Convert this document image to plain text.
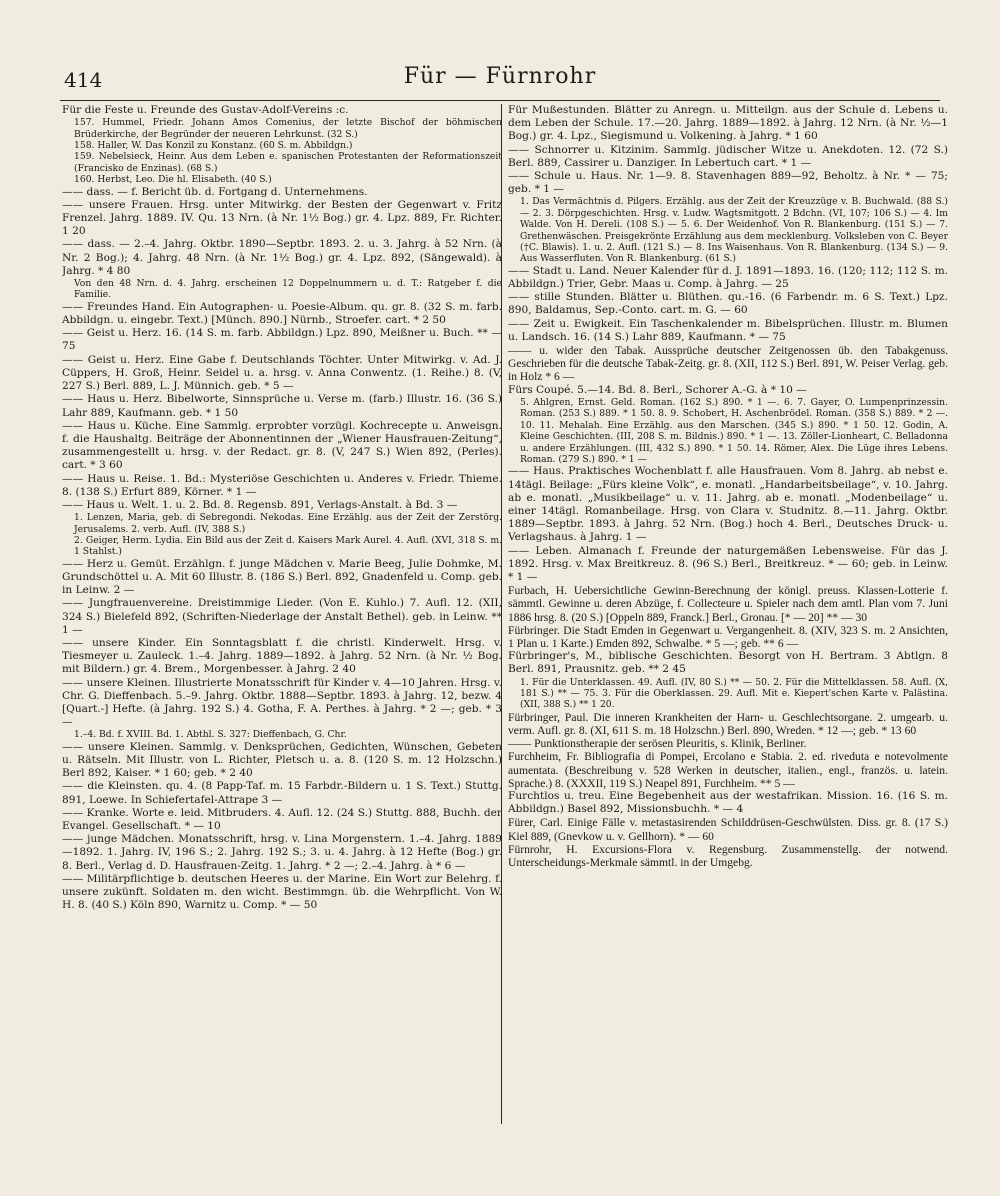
414	Für — Fürnrohr

Für die Feste u. Freunde des Gustav-Adolf-Vereins :c.

157. Hummel, Friedr. Johann Amos Comenius, der letzte Bischof der böhmischen Brüderkirche, der Begründer der neueren Lehrkunst. (32 S.)

158. Haller, W. Das Konzil zu Konstanz. (60 S. m. Abbildgn.)

159. Nebelsieck, Heinr. Aus dem Leben e. spanischen Protestanten der Reformationszeit (Francisko de Enzinas). (68 S.)

160. Herbst, Leo. Die hl. Elisabeth. (40 S.)

—— dass. — f. Bericht üb. d. Fortgang d. Unternehmens.

—— unsere Frauen. Hrsg. unter Mitwirkg. der Besten der Gegenwart v. Fritz Frenzel. Jahrg. 1889. IV. Qu. 13 Nrn. (à Nr. 1½ Bog.) gr. 4. Lpz. 889, Fr. Richter. 1 20

—— dass. — 2.–4. Jahrg. Oktbr. 1890—Septbr. 1893. 2. u. 3. Jahrg. à 52 Nrn. (à Nr. 2 Bog.); 4. Jahrg. 48 Nrn. (à Nr. 1½ Bog.) gr. 4. Lpz. 892, (Sängewald). à Jahrg. * 4 80

Von den 48 Nrn. d. 4. Jahrg. erscheinen 12 Doppelnummern u. d. T.: Ratgeber f. die Familie.

—— Freundes Hand. Ein Autographen- u. Poesie-Album. qu. gr. 8. (32 S. m. farb. Abbildgn. u. eingebr. Text.) [Münch. 890.] Nürnb., Stroefer. cart. * 2 50

—— Geist u. Herz. 16. (14 S. m. farb. Abbildgn.) Lpz. 890, Meißner u. Buch. ** — 75

—— Geist u. Herz. Eine Gabe f. Deutschlands Töchter. Unter Mitwirkg. v. Ad. J. Cüppers, H. Groß, Heinr. Seidel u. a. hrsg. v. Anna Conwentz. (1. Reihe.) 8. (V, 227 S.) Berl. 889, L. J. Münnich. geb. * 5 —

—— Haus u. Herz. Bibelworte, Sinnsprüche u. Verse m. (farb.) Illustr. 16. (36 S.) Lahr 889, Kaufmann. geb. * 1 50

—— Haus u. Küche. Eine Sammlg. erprobter vorzügl. Kochrecepte u. Anweisgn. f. die Haushaltg. Beiträge der Abonnentinnen der „Wiener Hausfrauen-Zeitung“, zusammengestellt u. hrsg. v. der Redact. gr. 8. (V, 247 S.) Wien 892, (Perles). cart. * 3 60

—— Haus u. Reise. 1. Bd.: Mysteriöse Geschichten u. Anderes v. Friedr. Thieme. 8. (138 S.) Erfurt 889, Körner. * 1 —

—— Haus u. Welt. 1. u. 2. Bd. 8. Regensb. 891, Verlags-Anstalt. à Bd. 3 —

1. Lenzen, Maria, geb. di Sebregondi. Nekodas. Eine Erzählg. aus der Zeit der Zerstörg. Jerusalems. 2. verb. Aufl. (IV, 388 S.)

2. Geiger, Herm. Lydia. Ein Bild aus der Zeit d. Kaisers Mark Aurel. 4. Aufl. (XVI, 318 S. m. 1 Stahlst.)

—— Herz u. Gemüt. Erzählgn. f. junge Mädchen v. Marie Beeg, Julie Dohmke, M. Grundschöttel u. A. Mit 60 Illustr. 8. (186 S.) Berl. 892, Gnadenfeld u. Comp. geb. in Leinw. 2 —

—— Jungfrauenvereine. Dreistimmige Lieder. (Von E. Kuhlo.) 7. Aufl. 12. (XII, 324 S.) Bielefeld 892, (Schriften-Niederlage der Anstalt Bethel). geb. in Leinw. ** 1 —

—— unsere Kinder. Ein Sonntagsblatt f. die christl. Kinderwelt. Hrsg. v. Tiesmeyer u. Zauleck. 1.–4. Jahrg. 1889—1892. à Jahrg. 52 Nrn. (à Nr. ½ Bog. mit Bildern.) gr. 4. Brem., Morgenbesser. à Jahrg. 2 40

—— unsere Kleinen. Illustrierte Monatsschrift für Kinder v. 4—10 Jahren. Hrsg. v. Chr. G. Dieffenbach. 5.–9. Jahrg. Oktbr. 1888—Septbr. 1893. à Jahrg. 12, bezw. 4 [Quart.-] Hefte. (à Jahrg. 192 S.) 4. Gotha, F. A. Perthes. à Jahrg. * 2 —; geb. * 3 —

1.–4. Bd. f. XVIII. Bd. 1. Abthl. S. 327: Dieffenbach, G. Chr.

—— unsere Kleinen. Sammlg. v. Denksprüchen, Gedichten, Wünschen, Gebeten u. Rätseln. Mit Illustr. von L. Richter, Pletsch u. a. 8. (120 S. m. 12 Holzschn.) Berl 892, Kaiser. * 1 60; geb. * 2 40

—— die Kleinsten. qu. 4. (8 Papp-Taf. m. 15 Farbdr.-Bildern u. 1 S. Text.) Stuttg. 891, Loewe. In Schiefertafel-Attrape 3 —

—— Kranke. Worte e. leid. Mitbruders. 4. Aufl. 12. (24 S.) Stuttg. 888, Buchh. der Evangel. Gesellschaft. * — 10

—— junge Mädchen. Monatsschrift, hrsg. v. Lina Morgenstern. 1.–4. Jahrg. 1889—1892. 1. Jahrg. IV, 196 S.; 2. Jahrg. 192 S.; 3. u. 4. Jahrg. à 12 Hefte (Bog.) gr. 8. Berl., Verlag d. D. Hausfrauen-Zeitg. 1. Jahrg. * 2 —; 2.–4. Jahrg. à * 6 —

—— Militärpflichtige b. deutschen Heeres u. der Marine. Ein Wort zur Belehrg. f. unsere zukünft. Soldaten m. den wicht. Bestimmgn. üb. die Wehrpflicht. Von W. H. 8. (40 S.) Köln 890, Warnitz u. Comp. * — 50

Für Mußestunden. Blätter zu Anregn. u. Mitteilgn. aus der Schule d. Lebens u. dem Leben der Schule. 17.—20. Jahrg. 1889—1892. à Jahrg. 12 Nrn. (à Nr. ½—1 Bog.) gr. 4. Lpz., Siegismund u. Volkening. à Jahrg. * 1 60

—— Schnorrer u. Kitzinim. Sammlg. jüdischer Witze u. Anekdoten. 12. (72 S.) Berl. 889, Cassirer u. Danziger. In Lebertuch cart. * 1 —

—— Schule u. Haus. Nr. 1—9. 8. Stavenhagen 889—92, Beholtz. à Nr. * — 75; geb. * 1 —

1. Das Vermächtnis d. Pilgers. Erzählg. aus der Zeit der Kreuzzüge v. B. Buchwald. (88 S.) — 2. 3. Dörpgeschichten. Hrsg. v. Ludw. Wagtsmitgott. 2 Bdchn. (VI, 107; 106 S.) — 4. Im Walde. Von H. Dereli. (108 S.) — 5. 6. Der Weidenhof. Von R. Blankenburg. (151 S.) — 7. Grethenwäschen. Preisgekrönte Erzählung aus dem mecklenburg. Volksleben von C. Beyer (†C. Blawis). 1. u. 2. Aufl. (121 S.) — 8. Ins Waisenhaus. Von R. Blankenburg. (134 S.) — 9. Aus Wasserfluten. Von R. Blankenburg. (61 S.)

—— Stadt u. Land. Neuer Kalender für d. J. 1891—1893. 16. (120; 112; 112 S. m. Abbildgn.) Trier, Gebr. Maas u. Comp. à Jahrg. — 25

—— stille Stunden. Blätter u. Blüthen. qu.-16. (6 Farbendr. m. 6 S. Text.) Lpz. 890, Baldamus, Sep.-Conto. cart. m. G. — 60

—— Zeit u. Ewigkeit. Ein Taschenkalender m. Bibelsprüchen. Illustr. m. Blumen u. Landsch. 16. (14 S.) Lahr 889, Kaufmann. * — 75

—— u. wider den Tabak. Aussprüche deutscher Zeitgenossen üb. den Tabakgenuss. Geschrieben für die deutsche Tabak-Zeitg. gr. 8. (XII, 112 S.) Berl. 891, W. Peiser Verlag. geb. in Holz * 6 —

Fürs Coupé. 5.—14. Bd. 8. Berl., Schorer A.-G. à * 10 —

5. Ahlgren, Ernst. Geld. Roman. (162 S.) 890. * 1 —. 6. 7. Gayer, O. Lumpenprinzessin. Roman. (253 S.) 889. * 1 50. 8. 9. Schobert, H. Aschenbrödel. Roman. (358 S.) 889. * 2 —. 10. 11. Mehalah. Eine Erzählg. aus den Marschen. (345 S.) 890. * 1 50. 12. Godin, A. Kleine Geschichten. (III, 208 S. m. Bildnis.) 890. * 1 —. 13. Zöller-Lionheart, C. Belladonna u. andere Erzählungen. (III, 432 S.) 890. * 1 50. 14. Römer, Alex. Die Lüge ihres Lebens. Roman. (279 S.) 890. * 1 —

—— Haus. Praktisches Wochenblatt f. alle Hausfrauen. Vom 8. Jahrg. ab nebst e. 14tägl. Beilage: „Fürs kleine Volk“, e. monatl. „Handarbeitsbeilage“, v. 10. Jahrg. ab e. monatl. „Musikbeilage“ u. v. 11. Jahrg. ab e. monatl. „Modenbeilage“ u. einer 14tägl. Romanbeilage. Hrsg. von Clara v. Studnitz. 8.—11. Jahrg. Oktbr. 1889—Septbr. 1893. à Jahrg. 52 Nrn. (Bog.) hoch 4. Berl., Deutsches Druck- u. Verlagshaus. à Jahrg. 1 —

—— Leben. Almanach f. Freunde der naturgemäßen Lebensweise. Für das J. 1892. Hrsg. v. Max Breitkreuz. 8. (96 S.) Berl., Breitkreuz. * — 60; geb. in Leinw. * 1 —

Furbach, H. Uebersichtliche Gewinn-Berechnung der königl. preuss. Klassen-Lotterie f. sämmtl. Gewinne u. deren Abzüge, f. Collecteure u. Spieler nach dem amtl. Plan vom 7. Juni 1886 hrsg. 8. (20 S.) [Oppeln 889, Franck.] Berl., Gronau. [* — 20] ** — 30

Fürbringer. Die Stadt Emden in Gegenwart u. Vergangenheit. 8. (XIV, 323 S. m. 2 Ansichten, 1 Plan u. 1 Karte.) Emden 892, Schwalbe. * 5 —; geb. ** 6 —

Fürbringer's, M., biblische Geschichten. Besorgt von H. Bertram. 3 Abtlgn. 8 Berl. 891, Prausnitz. geb. ** 2 45

1. Für die Unterklassen. 49. Aufl. (IV, 80 S.) ** — 50. 2. Für die Mittelklassen. 58. Aufl. (X, 181 S.) ** — 75. 3. Für die Oberklassen. 29. Aufl. Mit e. Kiepert'schen Karte v. Palästina. (XII, 388 S.) ** 1 20.

Fürbringer, Paul. Die inneren Krankheiten der Harn- u. Geschlechtsorgane. 2. umgearb. u. verm. Aufl. gr. 8. (XI, 611 S. m. 18 Holzschn.) Berl. 890, Wreden. * 12 —; geb. * 13 60

—— Punktionstherapie der serösen Pleuritis, s. Klinik, Berliner.

Furchheim, Fr. Bibliografia di Pompei, Ercolano e Stabia. 2. ed. riveduta e notevolmente aumentata. (Beschreibung v. 528 Werken in deutscher, italien., engl., französ. u. latein. Sprache.) 8. (XXXII, 119 S.) Neapel 891, Furchheim. ** 5 —

Furchtlos u. treu. Eine Begebenheit aus der westafrikan. Mission. 16. (16 S. m. Abbildgn.) Basel 892, Missionsbuchh. * — 4

Fürer, Carl. Einige Fälle v. metastasirenden Schilddrüsen-Geschwülsten. Diss. gr. 8. (17 S.) Kiel 889, (Gnevkow u. v. Gellhorn). * — 60

Fürnrohr, H. Excursions-Flora v. Regensburg. Zusammenstellg. der notwend. Unterscheidungs-Merkmale sämmtl. in der Umgebg.
